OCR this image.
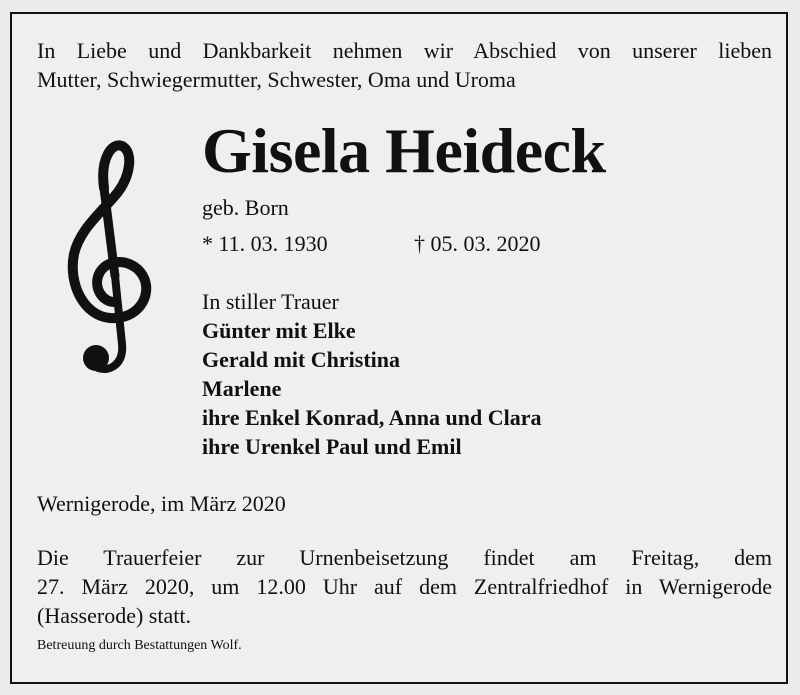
In Liebe und Dankbarkeit nehmen wir Abschied von unserer lieben
Mutter, Schwiegermutter, Schwester, Oma und Uroma
Gisela Heideck
geb. Born
* 11. 03. 1930	† 05. 03. 2020
In stiller Trauer
Günter mit Elke
Gerald mit Christina
Marlene
ihre Enkel Konrad, Anna und Clara
ihre Urenkel Paul und Emil
Wernigerode, im März 2020
Die Trauerfeier zur Urnenbeisetzung findet am Freitag, dem
27. März 2020, um 12.00 Uhr auf dem Zentralfriedhof in Wernigerode
(Hasserode) statt.
Betreuung durch Bestattungen Wolf.
